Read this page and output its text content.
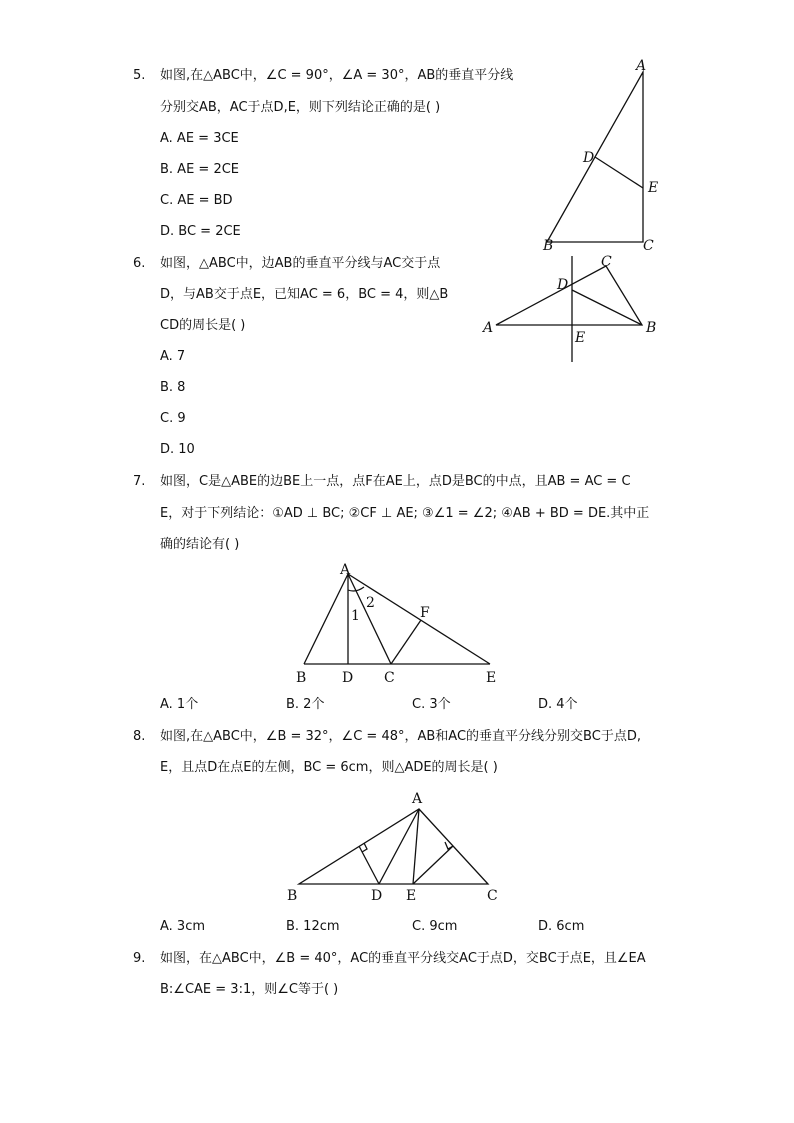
5. 如图,在△ABC中，∠C = 90°，∠A = 30°，AB的垂直平分线
分别交AB，AC于点D,E，则下列结论正确的是( )
A. AE = 3CE
B. AE = 2CE
C. AE = BD
D. BC = 2CE
A
D
E
B	C
6. 如图，△ABC中，边AB的垂直平分线与AC交于点
D，与AB交于点E，已知AC = 6，BC = 4，则△B
CD的周长是( )
A. 7
B. 8
C. 9
D. 10
A	B
C
D
E
7. 如图，C是△ABE的边BE上一点，点F在AE上，点D是BC的中点，且AB = AC = C
E，对于下列结论：①AD ⊥ BC; ②CF ⊥ AE; ③∠1 = ∠2; ④AB + BD = DE.其中正
确的结论有( )
B	D C	E
A
F
1
2
A. 1个	B. 2个	C. 3个	D. 4个
8. 如图,在△ABC中，∠B = 32°，∠C = 48°，AB和AC的垂直平分线分别交BC于点D,
E，且点D在点E的左侧，BC = 6cm，则△ADE的周长是( )
A
B	D E	C
A. 3cm	B. 12cm	C. 9cm	D. 6cm
9. 如图，在△ABC中，∠B = 40°，AC的垂直平分线交AC于点D，交BC于点E，且∠EA
B:∠CAE = 3:1，则∠C等于( )
